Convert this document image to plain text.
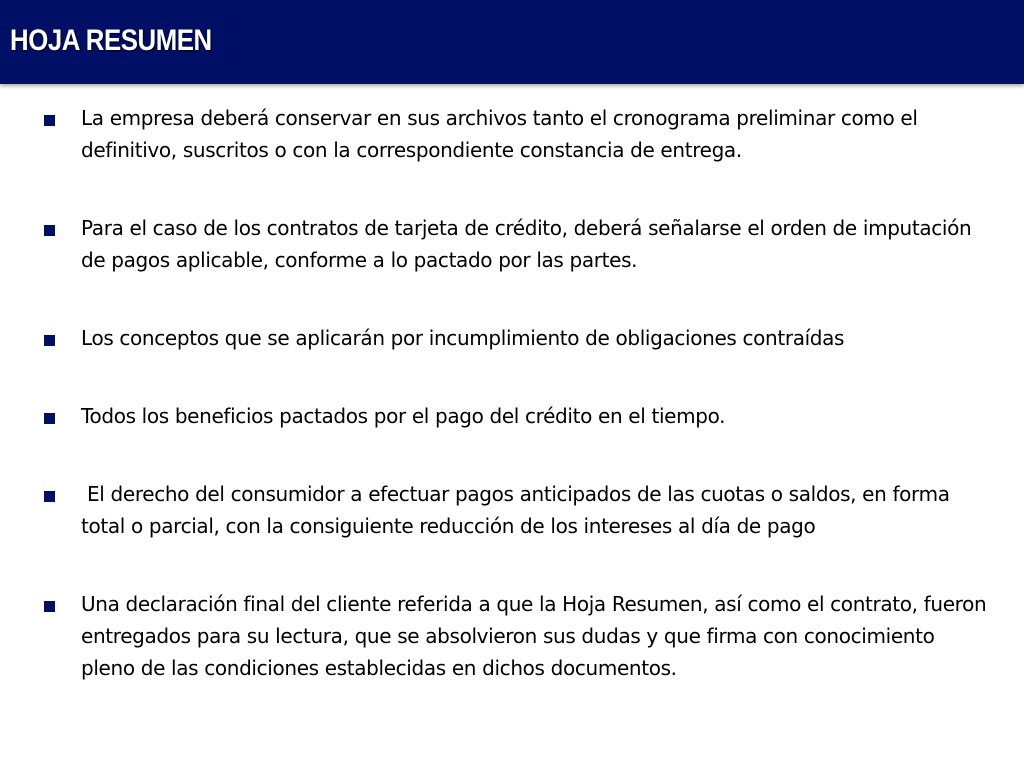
HOJA RESUMEN
La empresa deberá conservar en sus archivos tanto el cronograma preliminar como el definitivo, suscritos o con la correspondiente constancia de entrega.
Para el caso de los contratos de tarjeta de crédito, deberá señalarse el orden de imputación de pagos aplicable, conforme a lo pactado por las partes.
Los conceptos que se aplicarán por incumplimiento de obligaciones contraídas
Todos los beneficios pactados por el pago del crédito en el tiempo.
El derecho del consumidor a efectuar pagos anticipados de las cuotas o saldos, en forma total o parcial, con la consiguiente reducción de los intereses al día de pago
Una declaración final del cliente referida a que la Hoja Resumen, así como el contrato, fueron entregados para su lectura, que se absolvieron sus dudas y que firma con conocimiento pleno de las condiciones establecidas en dichos documentos.
